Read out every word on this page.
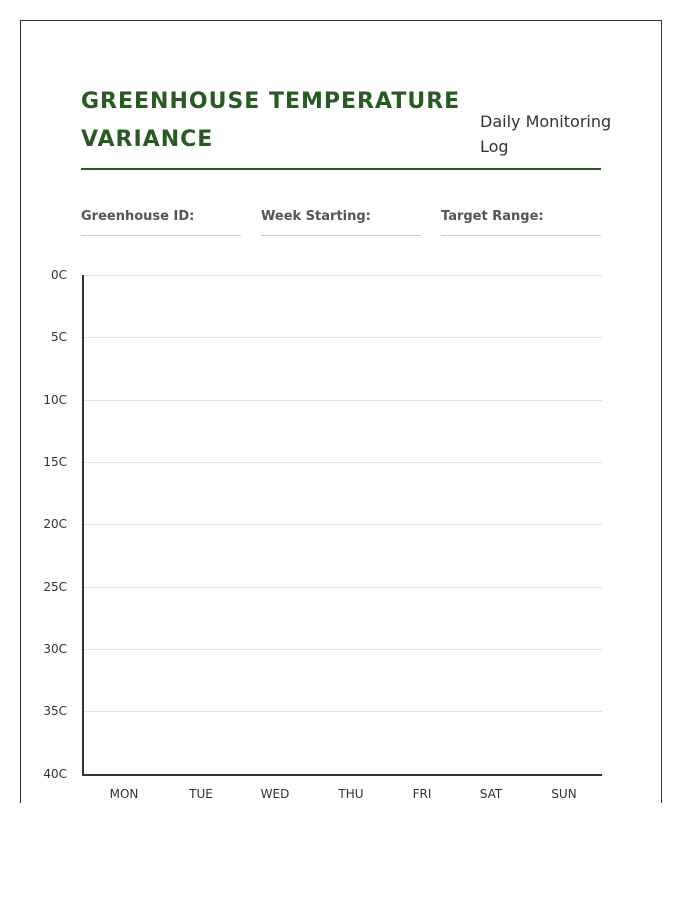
GREENHOUSE TEMPERATURE VARIANCE
Daily Monitoring Log
Greenhouse ID:	Week Starting:	Target Range:
0C
5C
10C
15C
20C
25C
30C
35C
40C
MON	TUE	WED	THU	FRI	SAT	SUN
